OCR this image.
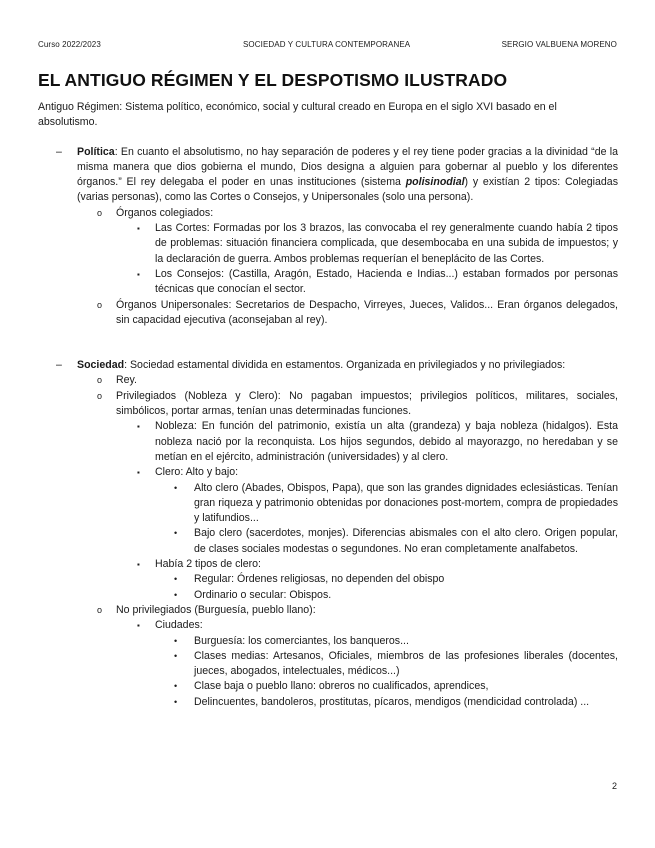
Curso 2022/2023	SOCIEDAD Y CULTURA CONTEMPORANEA	SERGIO VALBUENA MORENO
EL ANTIGUO RÉGIMEN Y EL DESPOTISMO ILUSTRADO

Antiguo Régimen: Sistema político, económico, social y cultural creado en Europa en el siglo XVI basado en el absolutismo.

– Política: En cuanto el absolutismo, no hay separación de poderes y el rey tiene poder gracias a la divinidad “de la misma manera que dios gobierna el mundo, Dios designa a alguien para gobernar al pueblo y los diferentes órganos.” El rey delegaba el poder en unas instituciones (sistema polisinodial) y existían 2 tipos: Colegiadas (varias personas), como las Cortes o Consejos, y Unipersonales (solo una persona).
o Órganos colegiados:
▪ Las Cortes: Formadas por los 3 brazos, las convocaba el rey generalmente cuando había 2 tipos de problemas: situación financiera complicada, que desembocaba en una subida de impuestos; y la declaración de guerra. Ambos problemas requerían el beneplácito de las Cortes.
▪ Los Consejos: (Castilla, Aragón, Estado, Hacienda e Indias...) estaban formados por personas técnicas que conocían el sector.
o Órganos Unipersonales: Secretarios de Despacho, Virreyes, Jueces, Validos... Eran órganos delegados, sin capacidad ejecutiva (aconsejaban al rey).
– Sociedad: Sociedad estamental dividida en estamentos. Organizada en privilegiados y no privilegiados:
o Rey.
o Privilegiados (Nobleza y Clero): No pagaban impuestos; privilegios políticos, militares, sociales, simbólicos, portar armas, tenían unas determinadas funciones.
▪ Nobleza: En función del patrimonio, existía un alta (grandeza) y baja nobleza (hidalgos). Esta nobleza nació por la reconquista. Los hijos segundos, debido al mayorazgo, no heredaban y se metían en el ejército, administración (universidades) y al clero.
▪ Clero: Alto y bajo:
• Alto clero (Abades, Obispos, Papa), que son las grandes dignidades eclesiásticas. Tenían gran riqueza y patrimonio obtenidas por donaciones post-mortem, compra de propiedades y latifundios...
• Bajo clero (sacerdotes, monjes). Diferencias abismales con el alto clero. Origen popular, de clases sociales modestas o segundones. No eran completamente analfabetos.
▪ Había 2 tipos de clero:
• Regular: Órdenes religiosas, no dependen del obispo
• Ordinario o secular: Obispos.
o No privilegiados (Burguesía, pueblo llano):
▪ Ciudades:
• Burguesía: los comerciantes, los banqueros...
• Clases medias: Artesanos, Oficiales, miembros de las profesiones liberales (docentes, jueces, abogados, intelectuales, médicos...)
• Clase baja o pueblo llano: obreros no cualificados, aprendices,
• Delincuentes, bandoleros, prostitutas, pícaros, mendigos (mendicidad controlada) ...
2
